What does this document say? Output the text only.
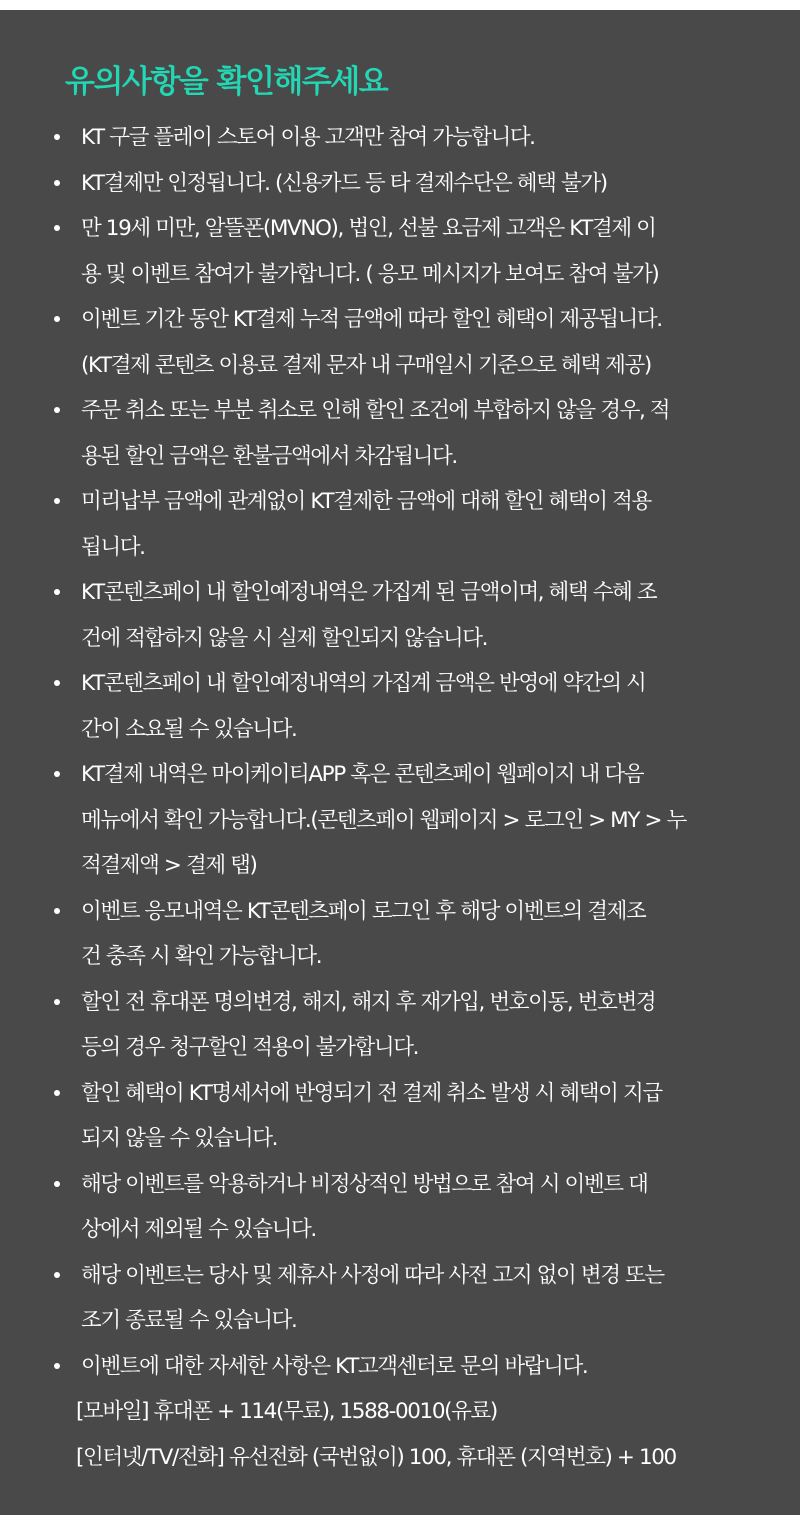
유의사항을 확인해주세요
KT 구글 플레이 스토어 이용 고객만 참여 가능합니다.
KT결제만 인정됩니다. (신용카드 등 타 결제수단은 혜택 불가)
만 19세 미만, 알뜰폰(MVNO), 법인, 선불 요금제 고객은 KT결제 이
용 및 이벤트 참여가 불가합니다. ( 응모 메시지가 보여도 참여 불가)
이벤트 기간 동안 KT결제 누적 금액에 따라 할인 혜택이 제공됩니다.
(KT결제 콘텐츠 이용료 결제 문자 내 구매일시 기준으로 혜택 제공)
주문 취소 또는 부분 취소로 인해 할인 조건에 부합하지 않을 경우, 적
용된 할인 금액은 환불금액에서 차감됩니다.
미리납부 금액에 관계없이 KT결제한 금액에 대해 할인 혜택이 적용
됩니다.
KT콘텐츠페이 내 할인예정내역은 가집계 된 금액이며, 혜택 수혜 조
건에 적합하지 않을 시 실제 할인되지 않습니다.
KT콘텐츠페이 내 할인예정내역의 가집계 금액은 반영에 약간의 시
간이 소요될 수 있습니다.
KT결제 내역은 마이케이티APP 혹은 콘텐츠페이 웹페이지 내 다음
메뉴에서 확인 가능합니다.(콘텐츠페이 웹페이지 > 로그인 > MY > 누
적결제액 > 결제 탭)
이벤트 응모내역은 KT콘텐츠페이 로그인 후 해당 이벤트의 결제조
건 충족 시 확인 가능합니다.
할인 전 휴대폰 명의변경, 해지, 해지 후 재가입, 번호이동, 번호변경
등의 경우 청구할인 적용이 불가합니다.
할인 혜택이 KT명세서에 반영되기 전 결제 취소 발생 시 혜택이 지급
되지 않을 수 있습니다.
해당 이벤트를 악용하거나 비정상적인 방법으로 참여 시 이벤트 대
상에서 제외될 수 있습니다.
해당 이벤트는 당사 및 제휴사 사정에 따라 사전 고지 없이 변경 또는
조기 종료될 수 있습니다.
이벤트에 대한 자세한 사항은 KT고객센터로 문의 바랍니다.
[모바일] 휴대폰 + 114(무료), 1588-0010(유료)
[인터넷/TV/전화] 유선전화 (국번없이) 100, 휴대폰 (지역번호) + 100
